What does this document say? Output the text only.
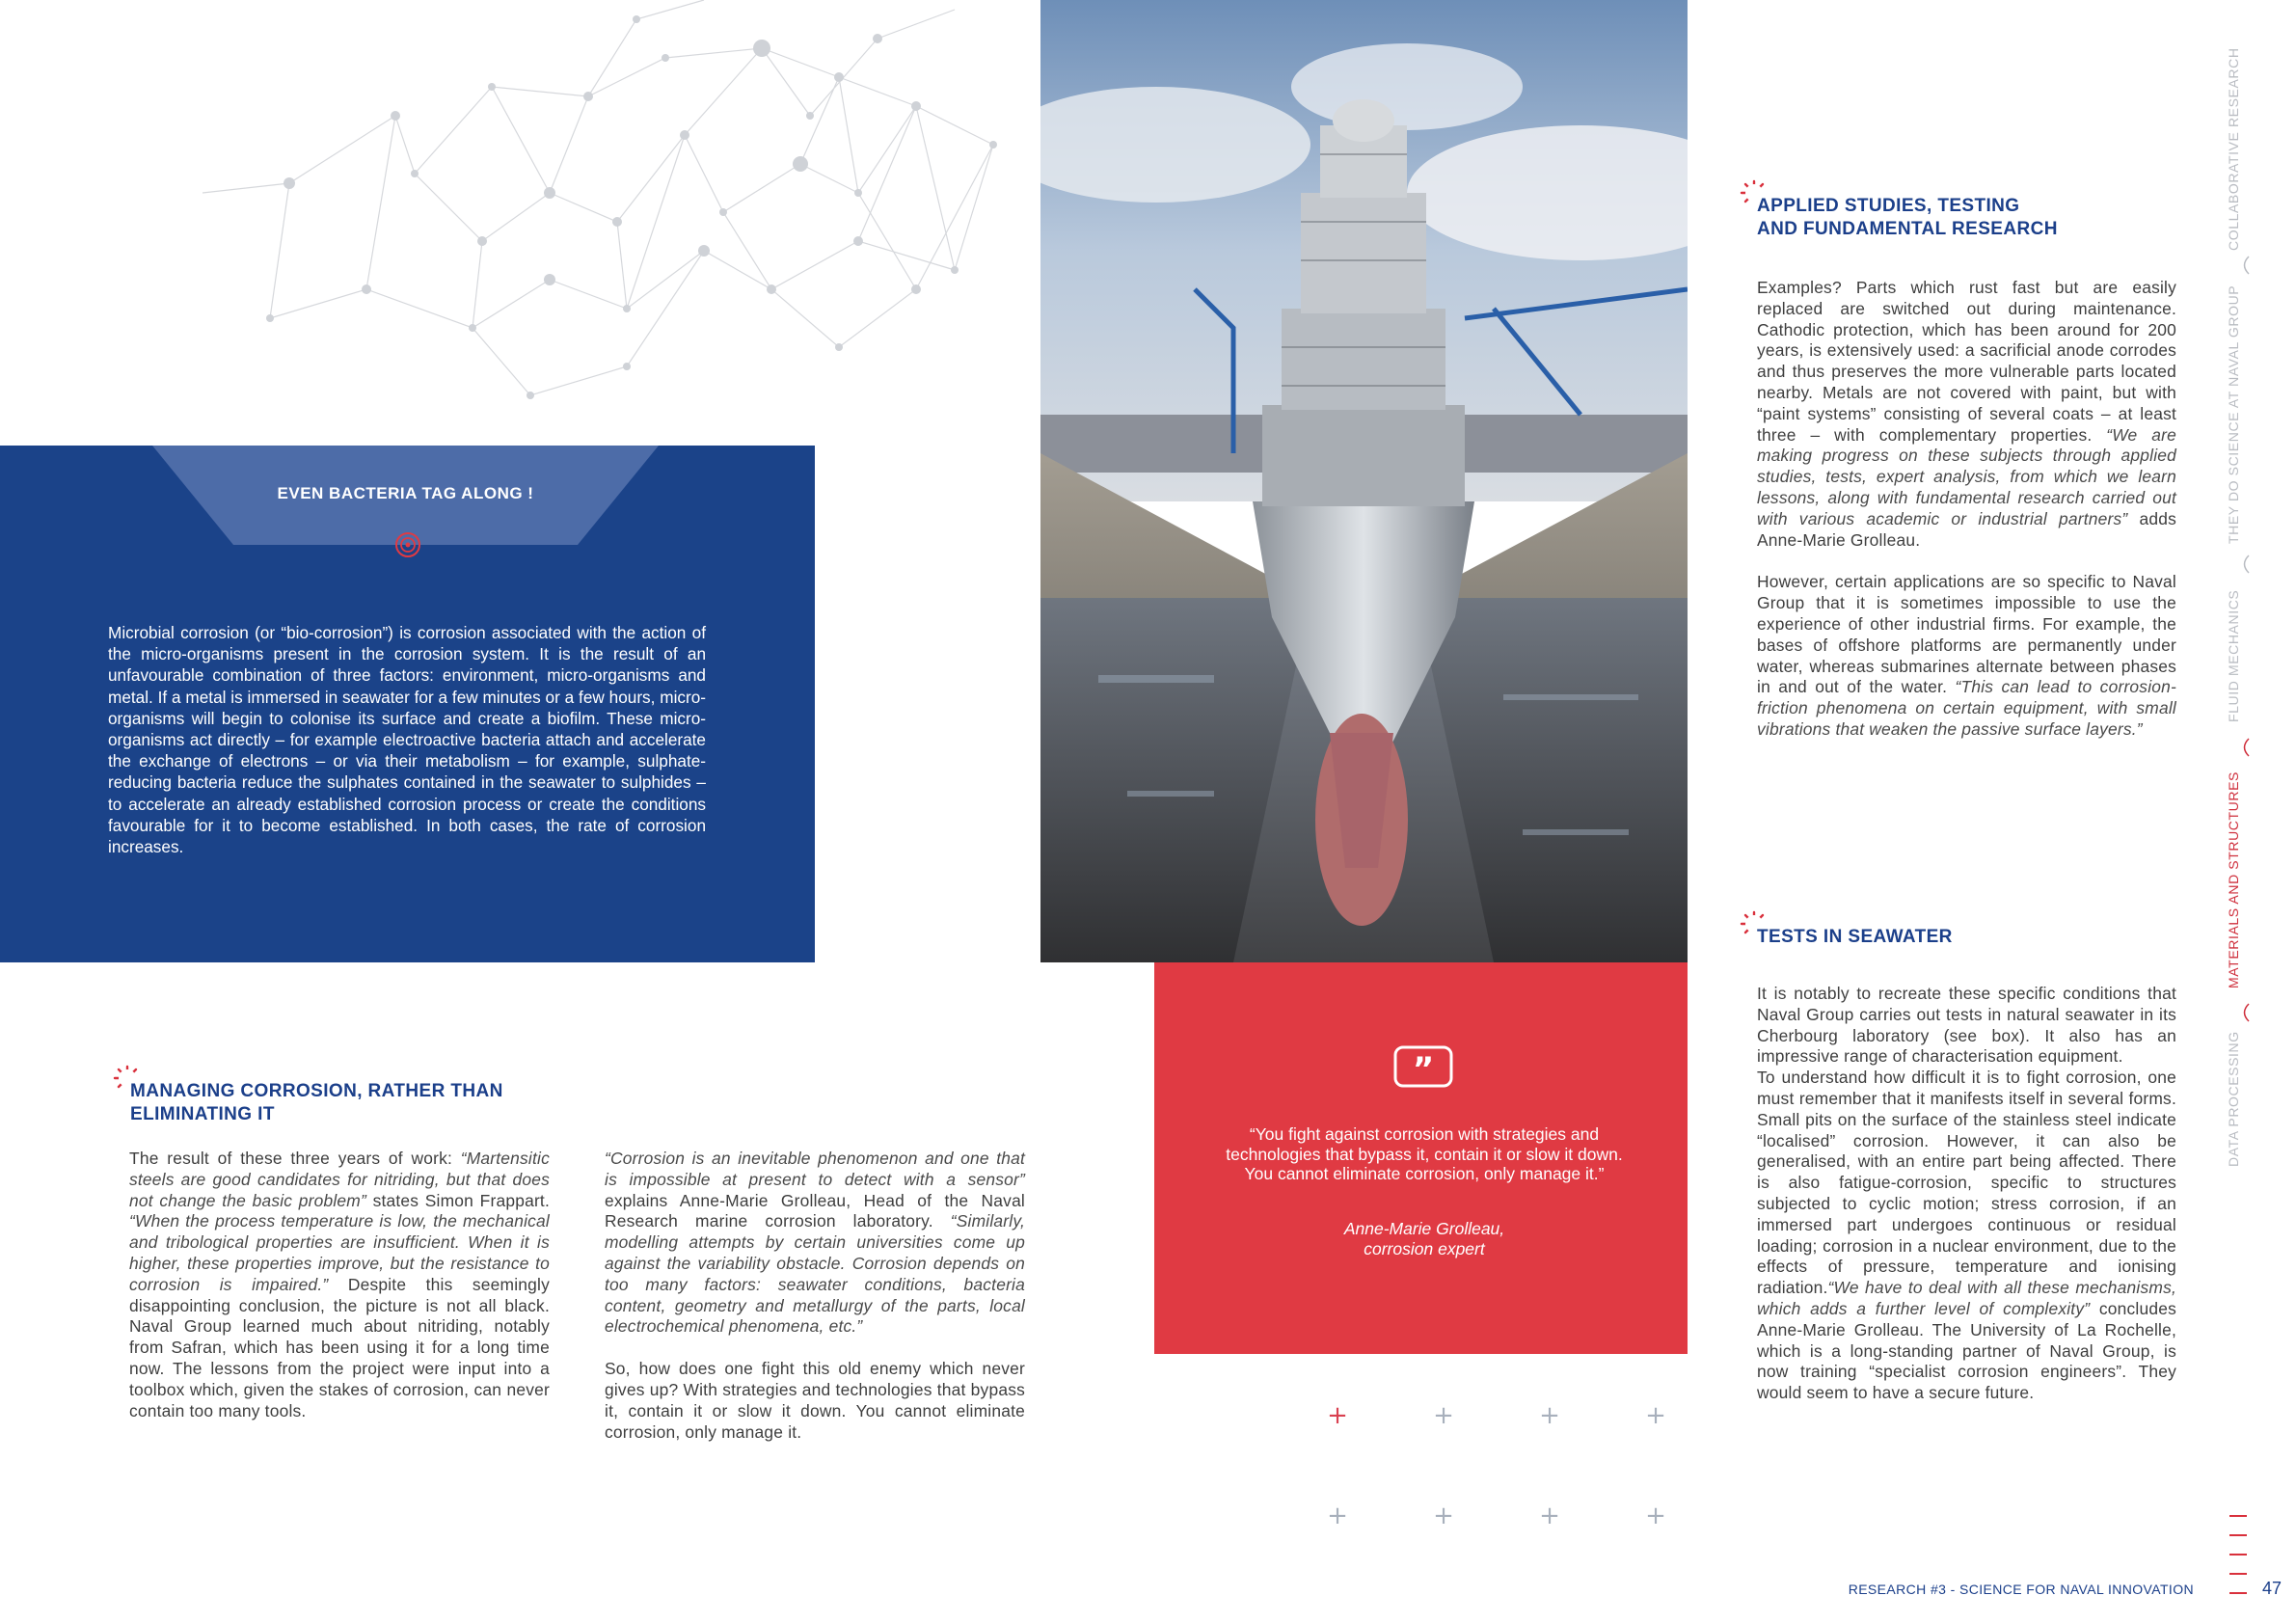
EVEN BACTERIA TAG ALONG !
Microbial corrosion (or “bio-corrosion”) is corrosion associated with the action of the micro-organisms present in the corrosion system. It is the result of an unfavourable combination of three factors: environment, micro-organisms and metal. If a metal is immersed in seawater for a few minutes or a few hours, micro-organisms will begin to colonise its surface and create a biofilm. These micro-organisms act directly – for example electroactive bacteria attach and accelerate the exchange of electrons – or via their metabolism – for example, sulphate-reducing bacteria reduce the sulphates contained in the seawater to sulphides – to accelerate an already established corrosion process or create the conditions favourable for it to become established. In both cases, the rate of corrosion increases.
”
“You fight against corrosion with strategies and technologies that bypass it, contain it or slow it down. You cannot eliminate corrosion, only manage it.”
Anne-Marie Grolleau,
corrosion expert
+	+	+	+
+	+	+	+
MANAGING CORROSION, RATHER THAN
ELIMINATING IT
The result of these three years of work: “Martensitic steels are good candidates for nitriding, but that does not change the basic problem” states Simon Frappart. “When the process temperature is low, the mechanical and tribological properties are insufficient. When it is higher, these properties improve, but the resistance to corrosion is impaired.” Despite this seemingly disappointing conclusion, the picture is not all black. Naval Group learned much about nitriding, notably from Safran, which has been using it for a long time now. The lessons from the project were input into a toolbox which, given the stakes of corrosion, can never contain too many tools.

“Corrosion is an inevitable phenomenon and one that is impossible at present to detect with a sensor” explains Anne-Marie Grolleau, Head of the Naval Research marine corrosion laboratory. “Similarly, modelling attempts by certain universities come up against the variability obstacle. Corrosion depends on too many factors: seawater conditions, bacteria content, geometry and metallurgy of the parts, local electrochemical phenomena, etc.”

So, how does one fight this old enemy which never gives up? With strategies and technologies that bypass it, contain it or slow it down. You cannot eliminate corrosion, only manage it.

APPLIED STUDIES, TESTING
AND FUNDAMENTAL RESEARCH

Examples? Parts which rust fast but are easily replaced are switched out during maintenance. Cathodic protection, which has been around for 200 years, is extensively used: a sacrificial anode corrodes and thus preserves the more vulnerable parts located nearby. Metals are not covered with paint, but with “paint systems” consisting of several coats – at least three – with complementary properties. “We are making progress on these subjects through applied studies, tests, expert analysis, from which we learn lessons, along with fundamental research carried out with various academic or industrial partners” adds Anne-Marie Grolleau.

However, certain applications are so specific to Naval Group that it is sometimes impossible to use the experience of other industrial firms. For example, the bases of offshore platforms are permanently under water, whereas submarines alternate between phases in and out of the water. “This can lead to corrosion-friction phenomena on certain equipment, with small vibrations that weaken the passive surface layers.”

TESTS IN SEAWATER
It is notably to recreate these specific conditions that Naval Group carries out tests in natural seawater in its Cherbourg laboratory (see box). It also has an impressive range of characterisation equipment.
To understand how difficult it is to fight corrosion, one must remember that it manifests itself in several forms. Small pits on the surface of the stainless steel indicate “localised” corrosion. However, it can also be generalised, with an entire part being affected. There is also fatigue-corrosion, specific to structures subjected to cyclic motion; stress corrosion, if an immersed part undergoes continuous or residual loading; corrosion in a nuclear environment, due to the effects of pressure, temperature and ionising radiation.“We have to deal with all these mechanisms, which adds a further level of complexity” concludes Anne-Marie Grolleau. The University of La Rochelle, which is a long-standing partner of Naval Group, is now training “specialist corrosion engineers”. They would seem to have a secure future.
COLLABORATIVE RESEARCH
THEY DO SCIENCE AT NAVAL GROUP
FLUID MECHANICS
MATERIALS AND STRUCTURES
DATA PROCESSING
RESEARCH #3 - SCIENCE FOR NAVAL INNOVATION	47
